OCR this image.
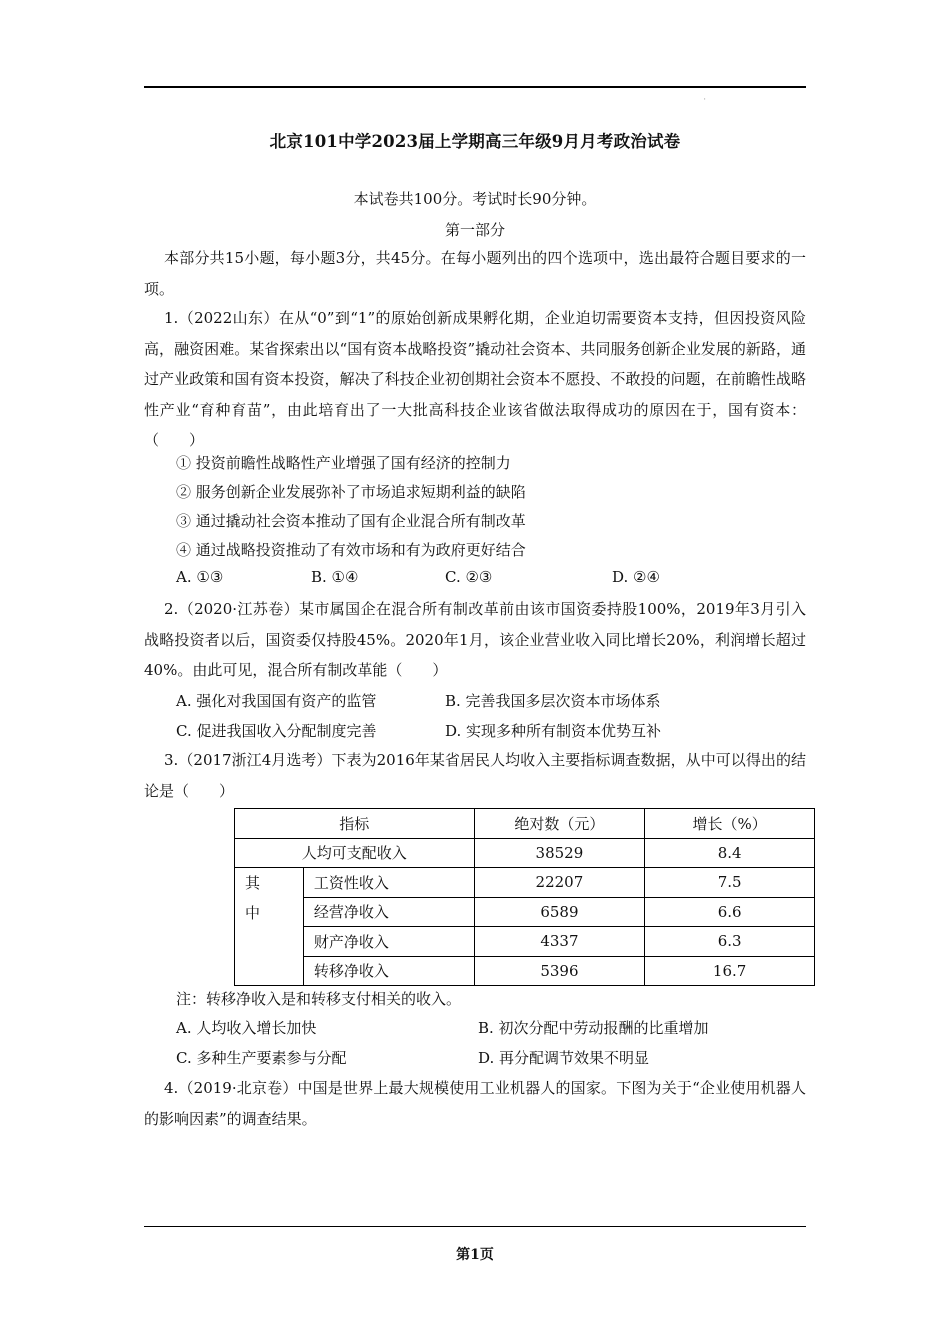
'
北京101中学2023届上学期高三年级9月月考政治试卷
本试卷共100分。考试时长90分钟。
第一部分
本部分共15小题，每小题3分，共45分。在每小题列出的四个选项中，选出最符合题目要求的一项。
1.（2022山东）在从“0”到“1”的原始创新成果孵化期，企业迫切需要资本支持，但因投资风险高，融资困难。某省探索出以“国有资本战略投资”撬动社会资本、共同服务创新企业发展的新路，通过产业政策和国有资本投资，解决了科技企业初创期社会资本不愿投、不敢投的问题，在前瞻性战略性产业“育种育苗”，由此培育出了一大批高科技企业该省做法取得成功的原因在于，国有资本：（　　）
① 投资前瞻性战略性产业增强了国有经济的控制力
② 服务创新企业发展弥补了市场追求短期利益的缺陷
③ 通过撬动社会资本推动了国有企业混合所有制改革
④ 通过战略投资推动了有效市场和有为政府更好结合
A. ①③	B. ①④	C. ②③	D. ②④
2.（2020·江苏卷）某市属国企在混合所有制改革前由该市国资委持股100%，2019年3月引入战略投资者以后，国资委仅持股45%。2020年1月，该企业营业收入同比增长20%，利润增长超过40%。由此可见，混合所有制改革能（　　）
A. 强化对我国国有资产的监管	B. 完善我国多层次资本市场体系
C. 促进我国收入分配制度完善	D. 实现多种所有制资本优势互补
3.（2017浙江4月选考）下表为2016年某省居民人均收入主要指标调查数据，从中可以得出的结论是（　　）
指标		绝对数（元）	增长（%）
人均可支配收入		38529	8.4
其
中	工资性收入	22207	7.5
	经营净收入	6589	6.6
	财产净收入	4337	6.3
	转移净收入	5396	16.7
注：转移净收入是和转移支付相关的收入。
A. 人均收入增长加快	B. 初次分配中劳动报酬的比重增加
C. 多种生产要素参与分配	D. 再分配调节效果不明显
4.（2019·北京卷）中国是世界上最大规模使用工业机器人的国家。下图为关于“企业使用机器人的影响因素”的调查结果。
第1页
